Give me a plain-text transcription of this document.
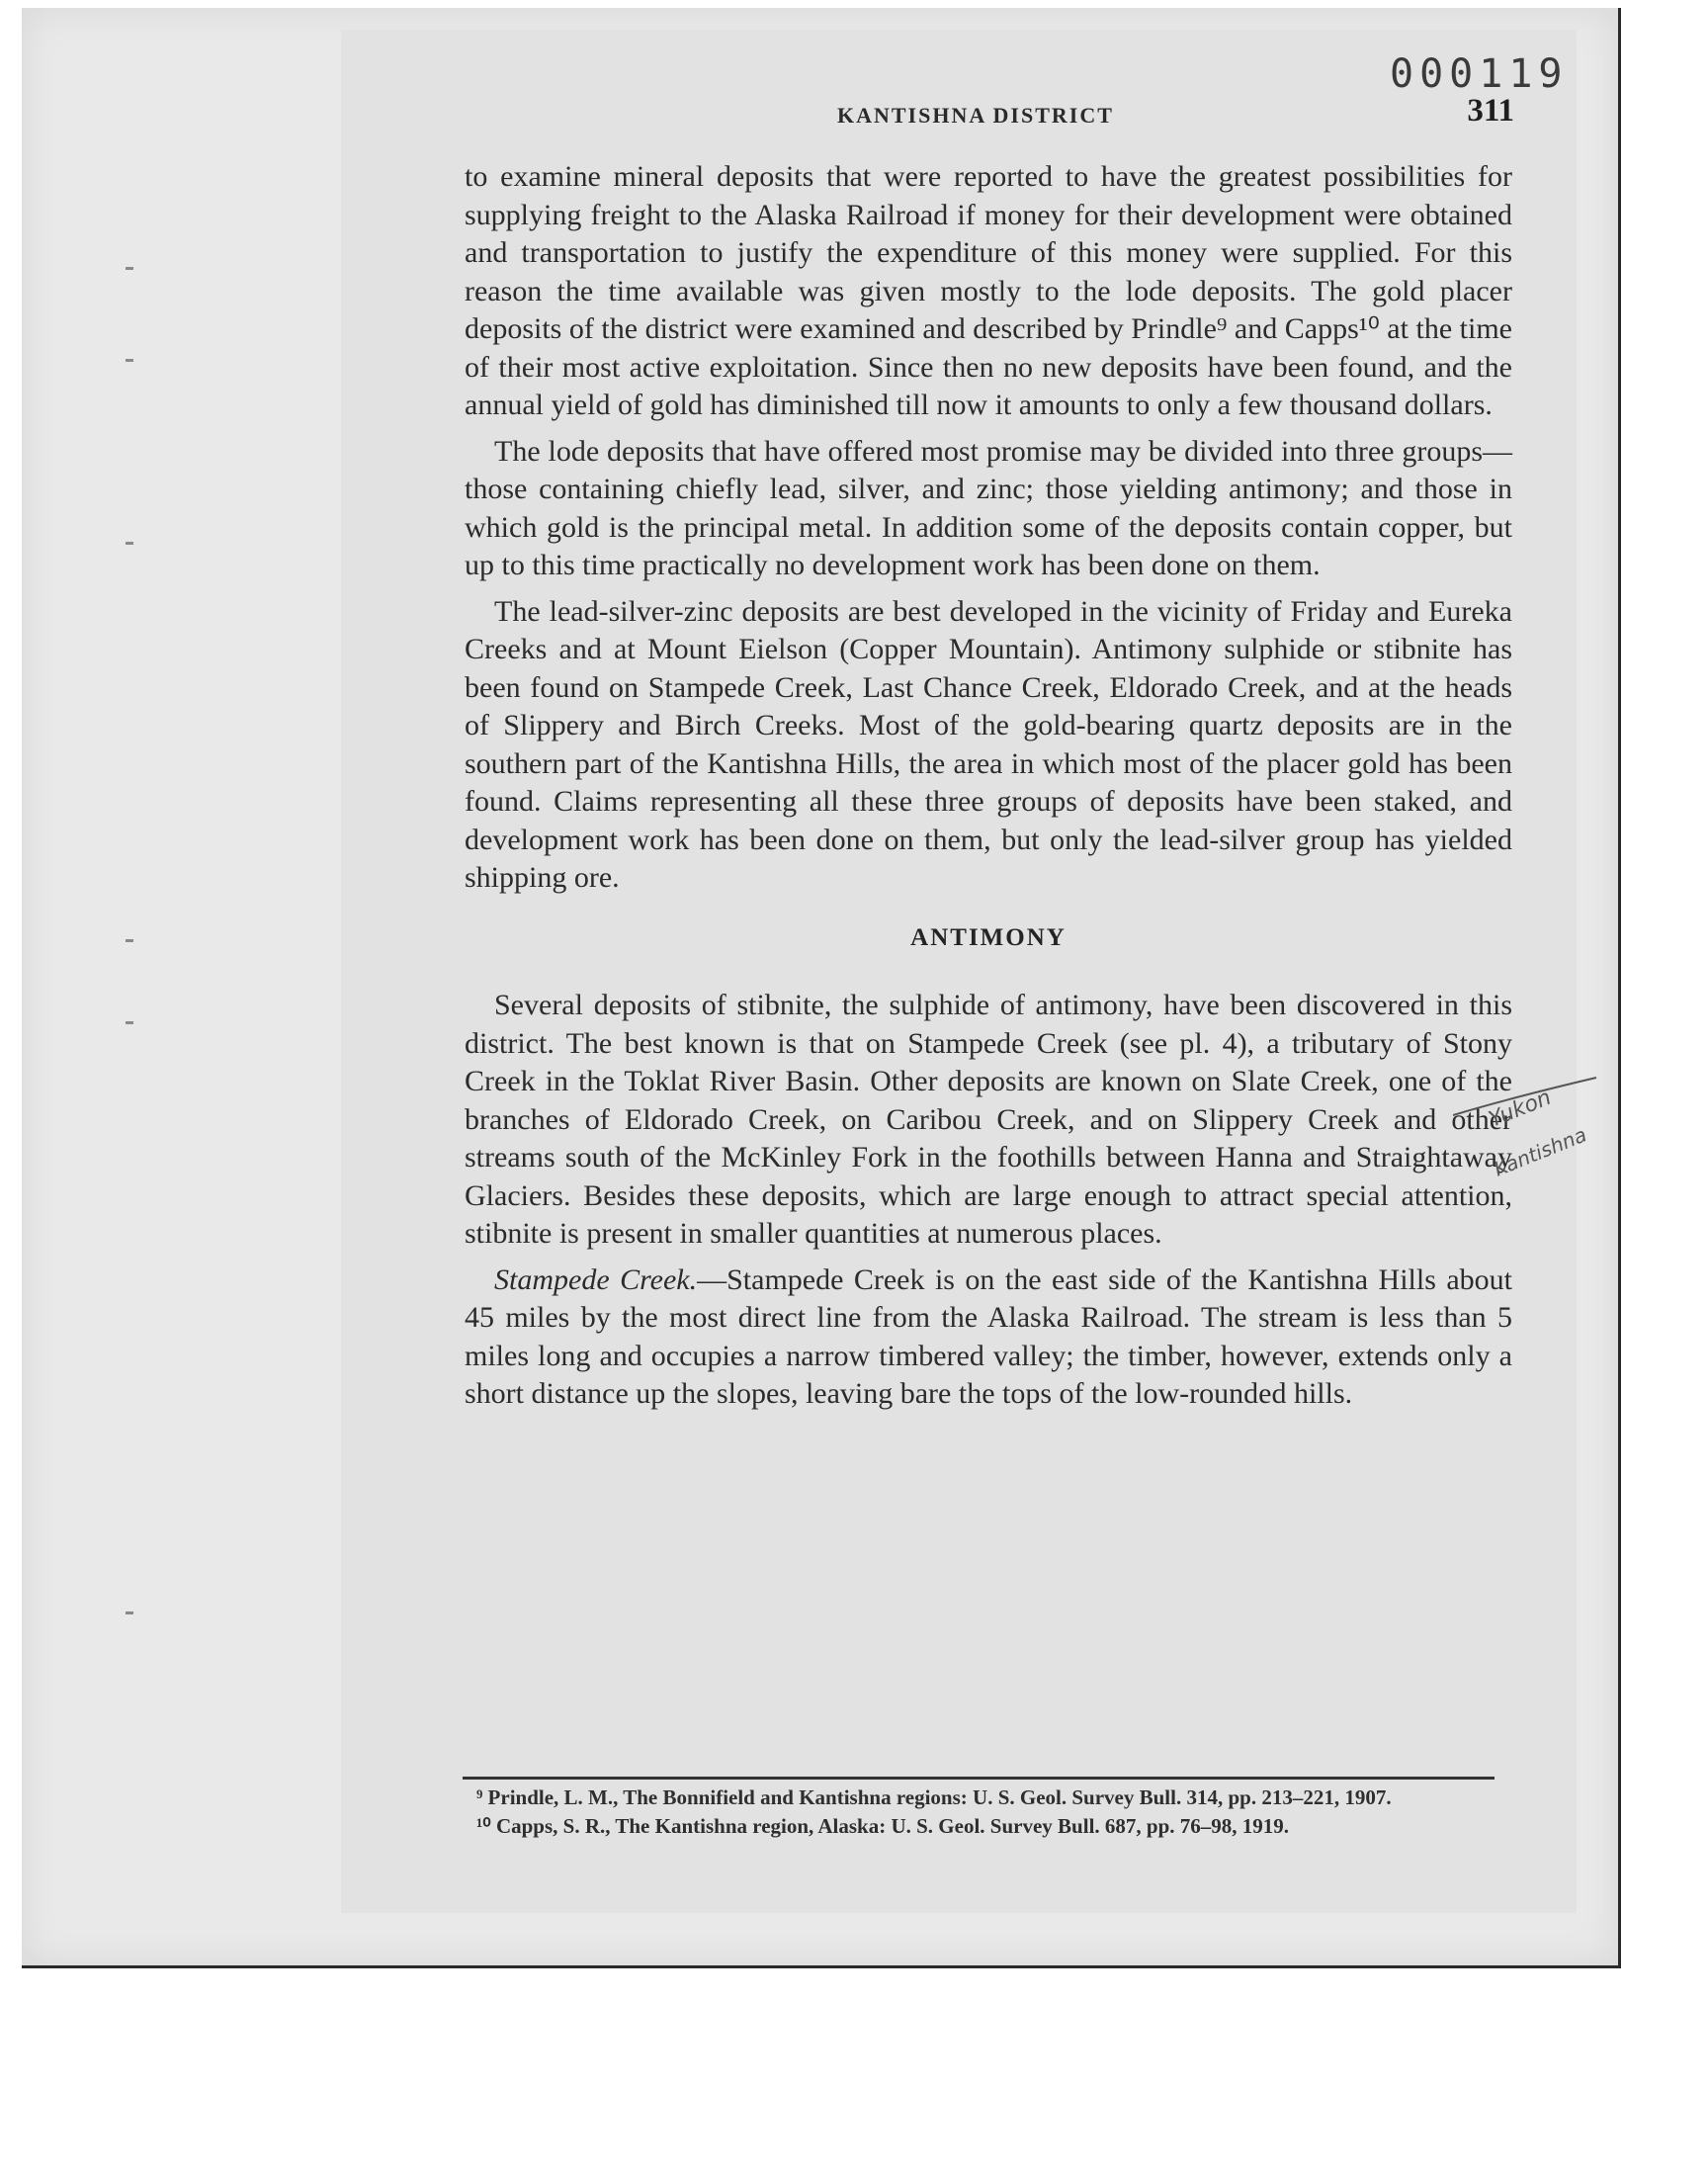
000119
KANTISHNA DISTRICT	311

to examine mineral deposits that were reported to have the greatest possibilities for supplying freight to the Alaska Railroad if money for their development were obtained and transportation to justify the expenditure of this money were supplied. For this reason the time available was given mostly to the lode deposits. The gold placer deposits of the district were examined and described by Prindle⁹ and Capps¹⁰ at the time of their most active exploitation. Since then no new deposits have been found, and the annual yield of gold has diminished till now it amounts to only a few thousand dollars.

The lode deposits that have offered most promise may be divided into three groups—those containing chiefly lead, silver, and zinc; those yielding antimony; and those in which gold is the principal metal. In addition some of the deposits contain copper, but up to this time practically no development work has been done on them.

The lead-silver-zinc deposits are best developed in the vicinity of Friday and Eureka Creeks and at Mount Eielson (Copper Mountain). Antimony sulphide or stibnite has been found on Stampede Creek, Last Chance Creek, Eldorado Creek, and at the heads of Slippery and Birch Creeks. Most of the gold-bearing quartz deposits are in the southern part of the Kantishna Hills, the area in which most of the placer gold has been found. Claims representing all these three groups of deposits have been staked, and development work has been done on them, but only the lead-silver group has yielded shipping ore.

ANTIMONY

Several deposits of stibnite, the sulphide of antimony, have been discovered in this district. The best known is that on Stampede Creek (see pl. 4), a tributary of Stony Creek in the Toklat River Basin. Other deposits are known on Slate Creek, one of the branches of Eldorado Creek, on Caribou Creek, and on Slippery Creek and other streams south of the McKinley Fork in the foothills between Hanna and Straightaway Glaciers. Besides these deposits, which are large enough to attract special attention, stibnite is present in smaller quantities at numerous places.

Stampede Creek.—Stampede Creek is on the east side of the Kantishna Hills about 45 miles by the most direct line from the Alaska Railroad. The stream is less than 5 miles long and occupies a narrow timbered valley; the timber, however, extends only a short distance up the slopes, leaving bare the tops of the low-rounded hills.

⁹ Prindle, L. M., The Bonnifield and Kantishna regions: U. S. Geol. Survey Bull. 314, pp. 213–221, 1907.

¹⁰ Capps, S. R., The Kantishna region, Alaska: U. S. Geol. Survey Bull. 687, pp. 76–98, 1919.

Yukon
Kantishna
